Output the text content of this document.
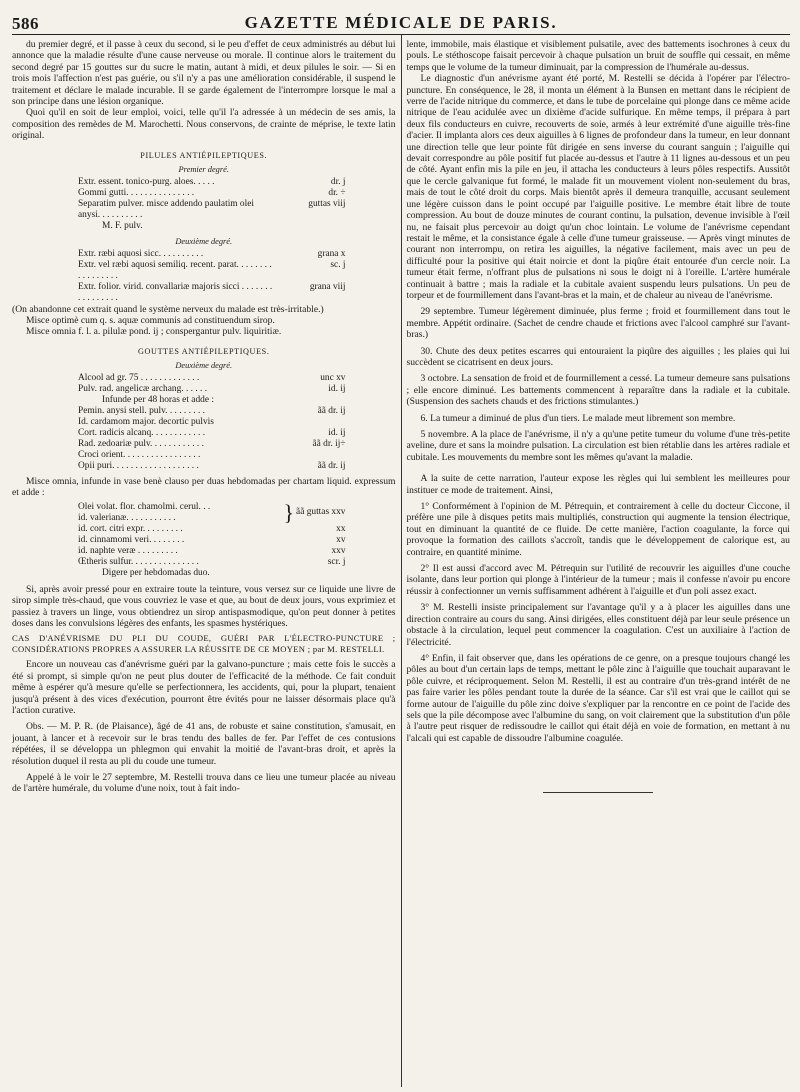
586	GAZETTE MÉDICALE DE PARIS.

du premier degré, et il passe à ceux du second, si le peu d'effet de ceux administrés au début lui annonce que la maladie résulte d'une cause nerveuse ou morale. Il continue alors le traitement du second degré par 15 gouttes sur du sucre le matin, autant à midi, et deux pilules le soir. — Si en trois mois l'affection n'est pas guérie, ou s'il n'y a pas une amélioration considérable, il suspend le traitement et déclare le malade incurable. Il se garde également de l'interrompre lorsque le mal a son principe dans une lésion organique.

Quoi qu'il en soit de leur emploi, voici, telle qu'il l'a adressée à un médecin de ses amis, la composition des remèdes de M. Marochetti. Nous conservons, de crainte de méprise, le texte latin original.

PILULES ANTIÉPILEPTIQUES.
Premier degré.
Extr. essent. tonico-purg. aloes. . . . .	dr. j
Gommi gutti. . . . . . . . . . . . . . .	dr. ÷
Separatim pulver. misce addendo paulatim olei anysi. . . . . . . . . .
guttas viij
M. F. pulv.
Deuxième degré.
Extr. ræbi aquosi sicc. . . . . . . . . .	grana x
Extr. vel ræbi aquosi semiliq. recent. parat. . . . . . . . . . . . . . . . .
sc. j
Extr. folior. virid. convallariæ majoris sicci . . . . . . . . . . . . . . . .
grana viij

(On abandonne cet extrait quand le système nerveux du malade est très-irritable.)

Misce optimè cum q. s. aquæ communis ad constituendum sirop.

Misce omnia f. l. a. pilulæ pond. ij ; conspergantur pulv. liquiritiæ.

GOUTTES ANTIÉPILEPTIQUES.
Deuxième degré.
Alcool ad gr. 75 . . . . . . . . . . . . .	unc xv
Pulv. rad. angelicæ archang. . . . . .	id. ij
Infunde per 48 horas et adde :
Pemin. anysi stell. pulv. . . . . . . . .	ãã dr. ij
Id. cardamom major. decortic pulvis
Cort. radicis alcanq. . . . . . . . . . . .	id. ij
Rad. zedoariæ pulv. . . . . . . . . . . .	ãã dr. ij÷
Croci orient. . . . . . . . . . . . . . . . .
Opii puri. . . . . . . . . . . . . . . . . . .	ãã dr. ij

Misce omnia, infunde in vase benè clauso per duas hebdomadas per chartam liquid. expressum et adde :

Olei volat. flor. chamolmi. cerul. . .
id. valerianæ. . . . . . . . . . .	} ãã guttas xxv
id. cort. citri expr. . . . . . . . .	xx
id. cinnamomi veri. . . . . . . .	xv
id. naphte veræ . . . . . . . . .	xxv
Œtheris sulfur. . . . . . . . . . . . . . .	scr. j
Digere per hebdomadas duo.

Si, après avoir pressé pour en extraire toute la teinture, vous versez sur ce liquide une livre de sirop simple très-chaud, que vous couvriez le vase et que, au bout de deux jours, vous exprimiez et passiez à travers un linge, vous obtiendrez un sirop antispasmodique, qu'on peut donner à petites doses dans les convulsions légères des enfants, les spasmes hystériques.

CAS D'ANÉVRISME DU PLI DU COUDE, GUÉRI PAR L'ÉLECTRO-PUNCTURE ; CONSIDÉRATIONS PROPRES A ASSURER LA RÉUSSITE DE CE MOYEN ; par M. RESTELLI.

Encore un nouveau cas d'anévrisme guéri par la galvano-puncture ; mais cette fois le succès a été si prompt, si simple qu'on ne peut plus douter de l'efficacité de la méthode. Ce fait conduit même à espérer qu'à mesure qu'elle se perfectionnera, les accidents, qui, pour la plupart, tenaient jusqu'à présent à des vices d'exécution, pourront être évités pour ne laisser désormais place qu'à l'action curative.

Obs. — M. P. R. (de Plaisance), âgé de 41 ans, de robuste et saine constitution, s'amusait, en jouant, à lancer et à recevoir sur le bras tendu des balles de fer. Par l'effet de ces contusions répétées, il se développa un phlegmon qui envahit la moitié de l'avant-bras droit, et après la résolution duquel il resta au pli du coude une tumeur.

Appelé à le voir le 27 septembre, M. Restelli trouva dans ce lieu une tumeur placée au niveau de l'artère humérale, du volume d'une noix, tout à fait indo-

lente, immobile, mais élastique et visiblement pulsatile, avec des battements isochrones à ceux du pouls. Le stéthoscope faisait percevoir à chaque pulsation un bruit de souffle qui cessait, en même temps que le volume de la tumeur diminuait, par la compression de l'humérale au-dessus.

Le diagnostic d'un anévrisme ayant été porté, M. Restelli se décida à l'opérer par l'électro-puncture. En conséquence, le 28, il monta un élément à la Bunsen en mettant dans le récipient de verre de l'acide nitrique du commerce, et dans le tube de porcelaine qui plonge dans ce même acide nitrique de l'eau acidulée avec un dixième d'acide sulfurique. En même temps, il prépara à part deux fils conducteurs en cuivre, recouverts de soie, armés à leur extrémité d'une aiguille très-fine d'acier. Il implanta alors ces deux aiguilles à 6 lignes de profondeur dans la tumeur, en leur donnant une direction telle que leur pointe fût dirigée en sens inverse du courant sanguin ; l'aiguille qui devait correspondre au pôle positif fut placée au-dessus et l'autre à 11 lignes au-dessous et un peu de côté. Ayant enfin mis la pile en jeu, il attacha les conducteurs à leurs pôles respectifs. Aussitôt que le cercle galvanique fut formé, le malade fit un mouvement violent non-seulement du bras, mais de tout le côté droit du corps. Mais bientôt après il demeura tranquille, accusant seulement une légère cuisson dans le point occupé par l'aiguille positive. Le membre était libre de toute compression. Au bout de douze minutes de courant continu, la pulsation, devenue invisible à l'œil nu, ne faisait plus percevoir au doigt qu'un choc lointain. Le volume de l'anévrisme cependant restait le même, et la consistance égale à celle d'une tumeur graisseuse. — Après vingt minutes de courant non interrompu, on retira les aiguilles, la négative facilement, mais avec un peu de difficulté pour la positive qui était noircie et dont la piqûre était entourée d'un cercle noir. La tumeur était ferme, n'offrant plus de pulsations ni sous le doigt ni à l'oreille. L'artère humérale continuait à battre ; mais la radiale et la cubitale avaient suspendu leurs pulsations. Un peu de torpeur et de fourmillement dans l'avant-bras et la main, et de chaleur au niveau de l'anévrisme.

29 septembre. Tumeur légèrement diminuée, plus ferme ; froid et fourmillement dans tout le membre. Appétit ordinaire. (Sachet de cendre chaude et frictions avec l'alcool camphré sur l'avant-bras.)

30. Chute des deux petites escarres qui entouraient la piqûre des aiguilles ; les plaies qui lui succèdent se cicatrisent en deux jours.

3 octobre. La sensation de froid et de fourmillement a cessé. La tumeur demeure sans pulsations ; elle encore diminué. Les battements commencent à reparaître dans la radiale et la cubitale. (Suspension des sachets chauds et des frictions stimulantes.)

6. La tumeur a diminué de plus d'un tiers. Le malade meut librement son membre.

5 novembre. A la place de l'anévrisme, il n'y a qu'une petite tumeur du volume d'une très-petite aveline, dure et sans la moindre pulsation. La circulation est bien rétablie dans les artères radiale et cubitale. Les mouvements du membre sont les mêmes qu'avant la maladie.

A la suite de cette narration, l'auteur expose les règles qui lui semblent les meilleures pour instituer ce mode de traitement. Ainsi,

1° Conformément à l'opinion de M. Pétrequin, et contrairement à celle du docteur Ciccone, il préfère une pile à disques petits mais multipliés, construction qui augmente la tension électrique, tout en diminuant la quantité de ce fluide. De cette manière, l'action coagulante, la force qui provoque la formation des caillots s'accroît, tandis que le développement de calorique est, au contraire, en quantité minime.

2° Il est aussi d'accord avec M. Pétrequin sur l'utilité de recouvrir les aiguilles d'une couche isolante, dans leur portion qui plonge à l'intérieur de la tumeur ; mais il confesse n'avoir pu encore réussir à confectionner un vernis suffisamment adhérent à l'aiguille et d'un poli assez exact.

3° M. Restelli insiste principalement sur l'avantage qu'il y a à placer les aiguilles dans une direction contraire au cours du sang. Ainsi dirigées, elles constituent déjà par leur seule présence un obstacle à la circulation, lequel peut commencer la coagulation. C'est un auxiliaire à l'action de l'électricité.

4° Enfin, il fait observer que, dans les opérations de ce genre, on a presque toujours changé les pôles au bout d'un certain laps de temps, mettant le pôle zinc à l'aiguille que touchait auparavant le pôle cuivre, et réciproquement. Selon M. Restelli, il est au contraire d'un très-grand intérêt de ne pas faire varier les pôles pendant toute la durée de la séance. Car s'il est vrai que le caillot qui se forme autour de l'aiguille du pôle zinc doive s'expliquer par la rencontre en ce point de l'acide des sels que la pile décompose avec l'albumine du sang, on voit clairement que la substitution d'un pôle à l'autre peut risquer de redissoudre le caillot qui était déjà en voie de formation, en mettant à nu l'alcali qui est capable de dissoudre l'albumine coagulée.
